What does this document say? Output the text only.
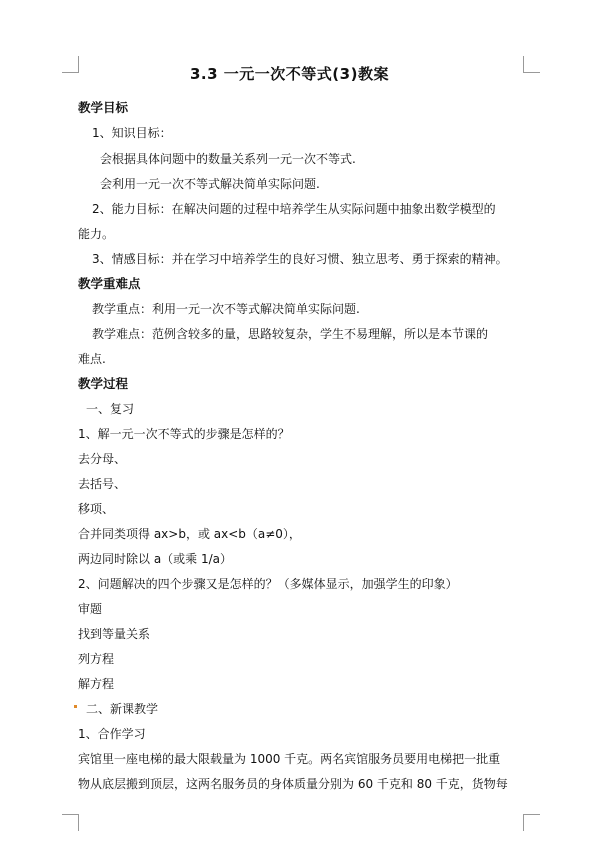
3.3 一元一次不等式(3)教案
教学目标
1、知识目标：
会根据具体问题中的数量关系列一元一次不等式.
会利用一元一次不等式解决简单实际问题.
2、能力目标：在解决问题的过程中培养学生从实际问题中抽象出数学模型的
能力。
3、情感目标：并在学习中培养学生的良好习惯、独立思考、勇于探索的精神。
教学重难点
教学重点：利用一元一次不等式解决简单实际问题.
教学难点：范例含较多的量，思路较复杂，学生不易理解，所以是本节课的
难点.
教学过程
一、复习
1、解一元一次不等式的步骤是怎样的？
去分母、
去括号、
移项、
合并同类项得 ax>b，或 ax<b（a≠0），
两边同时除以 a（或乘 1/a）
2、问题解决的四个步骤又是怎样的？（多媒体显示，加强学生的印象）
审题
找到等量关系
列方程
解方程
二、新课教学
1、合作学习
宾馆里一座电梯的最大限载量为 1000 千克。两名宾馆服务员要用电梯把一批重
物从底层搬到顶层，这两名服务员的身体质量分别为 60 千克和 80 千克，货物每
